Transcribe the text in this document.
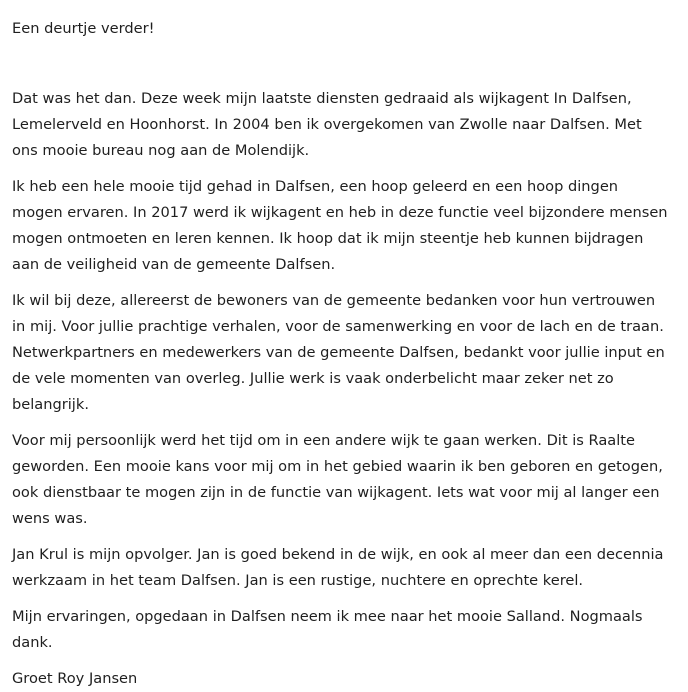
Een deurtje verder!

Dat was het dan. Deze week mijn laatste diensten gedraaid als wijkagent In Dalfsen,
Lemelerveld en Hoonhorst. In 2004 ben ik overgekomen van Zwolle naar Dalfsen. Met
ons mooie bureau nog aan de Molendijk.

Ik heb een hele mooie tijd gehad in Dalfsen, een hoop geleerd en een hoop dingen
mogen ervaren. In 2017 werd ik wijkagent en heb in deze functie veel bijzondere mensen
mogen ontmoeten en leren kennen. Ik hoop dat ik mijn steentje heb kunnen bijdragen
aan de veiligheid van de gemeente Dalfsen.

Ik wil bij deze, allereerst de bewoners van de gemeente bedanken voor hun vertrouwen
in mij. Voor jullie prachtige verhalen, voor de samenwerking en voor de lach en de traan.
Netwerkpartners en medewerkers van de gemeente Dalfsen, bedankt voor jullie input en
de vele momenten van overleg. Jullie werk is vaak onderbelicht maar zeker net zo
belangrijk.

Voor mij persoonlijk werd het tijd om in een andere wijk te gaan werken. Dit is Raalte
geworden. Een mooie kans voor mij om in het gebied waarin ik ben geboren en getogen,
ook dienstbaar te mogen zijn in de functie van wijkagent. Iets wat voor mij al langer een
wens was.

Jan Krul is mijn opvolger. Jan is goed bekend in de wijk, en ook al meer dan een decennia
werkzaam in het team Dalfsen. Jan is een rustige, nuchtere en oprechte kerel.

Mijn ervaringen, opgedaan in Dalfsen neem ik mee naar het mooie Salland. Nogmaals
dank.

Groet Roy Jansen
